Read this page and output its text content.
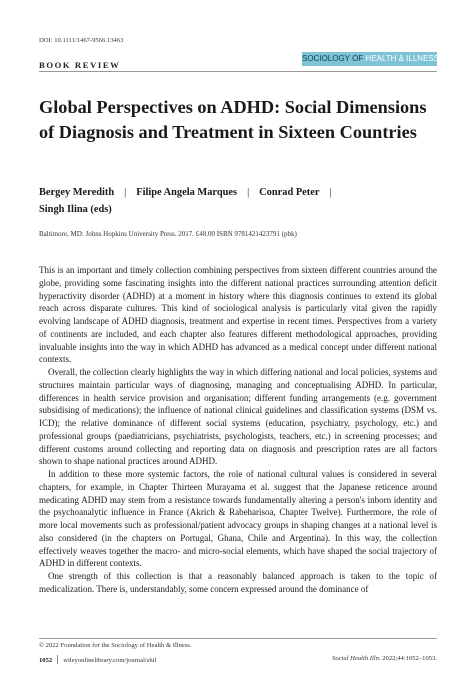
DOI: 10.1111/1467-9566.13463
BOOK REVIEW
SOCIOLOGY OF HEALTH & ILLNESS
Global Perspectives on ADHD: Social Dimensions of Diagnosis and Treatment in Sixteen Countries
Bergey Meredith | Filipe Angela Marques | Conrad Peter |
Singh Ilina (eds)
Baltimore, MD: Johns Hopkins University Press. 2017. £48.00 ISBN 9781421423791 (pbk)

This is an important and timely collection combining perspectives from sixteen different countries around the globe, providing some fascinating insights into the different national practices surrounding attention deficit hyperactivity disorder (ADHD) at a moment in history where this diagnosis continues to extend its global reach across disparate cultures. This kind of sociological analysis is particularly vital given the rapidly evolving landscape of ADHD diagnosis, treatment and expertise in recent times. Perspectives from a variety of continents are included, and each chapter also features different methodological approaches, providing invaluable insights into the way in which ADHD has advanced as a medical concept under different national contexts.

Overall, the collection clearly highlights the way in which differing national and local policies, systems and structures maintain particular ways of diagnosing, managing and conceptualising ADHD. In particular, differences in health service provision and organisation; different funding arrangements (e.g. government subsidising of medications); the influence of national clinical guidelines and classification systems (DSM vs. ICD); the relative dominance of different social systems (education, psychiatry, psychology, etc.) and professional groups (paediatricians, psychiatrists, psychologists, teachers, etc.) in screening processes; and different customs around collecting and reporting data on diagnosis and prescription rates are all factors shown to shape national practices around ADHD.

In addition to these more systemic factors, the role of national cultural values is considered in several chapters, for example, in Chapter Thirteen Murayama et al. suggest that the Japanese reticence around medicating ADHD may stem from a resistance towards fundamentally altering a person's inborn identity and the psychoanalytic influence in France (Akrich & Rabeharisoa, Chapter Twelve). Furthermore, the role of more local movements such as professional/patient advocacy groups in shaping changes at a national level is also considered (in the chapters on Portugal, Ghana, Chile and Argentina). In this way, the collection effectively weaves together the macro- and micro-social elements, which have shaped the social trajectory of ADHD in different contexts.

One strength of this collection is that a reasonably balanced approach is taken to the topic of medicalization. There is, understandably, some concern expressed around the dominance of

© 2022 Foundation for the Sociology of Health & Illness.
1052 wileyonlinelibrary.com/journal/shil	Social Health Illn. 2022;44:1052–1053.
